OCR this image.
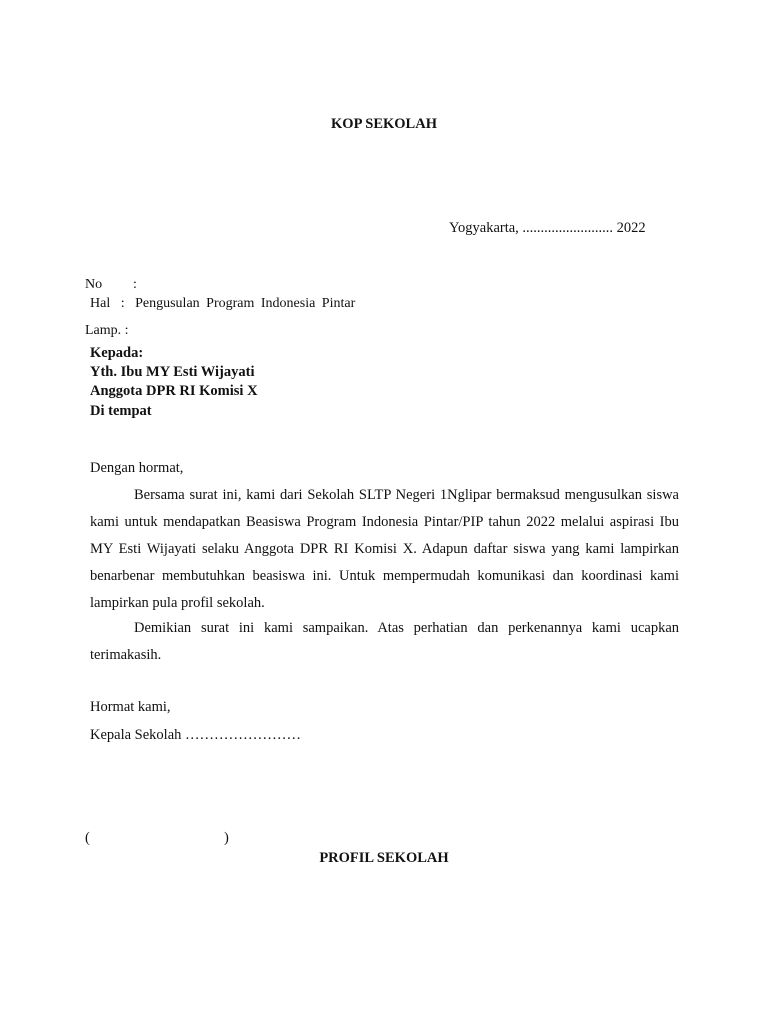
KOP SEKOLAH
Yogyakarta, ......................... 2022
No :
Hal : Pengusulan Program Indonesia Pintar
Lamp. :
Kepada:
Yth. Ibu MY Esti Wijayati
Anggota DPR RI Komisi X
Di tempat
Dengan hormat,

Bersama surat ini, kami dari Sekolah SLTP Negeri 1Nglipar bermaksud mengusulkan siswa kami untuk mendapatkan Beasiswa Program Indonesia Pintar/PIP tahun 2022 melalui aspirasi Ibu MY Esti Wijayati selaku Anggota DPR RI Komisi X. Adapun daftar siswa yang kami lampirkan benarbenar membutuhkan beasiswa ini. Untuk mempermudah komunikasi dan koordinasi kami lampirkan pula profil sekolah.

Demikian surat ini kami sampaikan. Atas perhatian dan perkenannya kami ucapkan terimakasih.

Hormat kami,
Kepala Sekolah ……………………
(	)
PROFIL SEKOLAH
